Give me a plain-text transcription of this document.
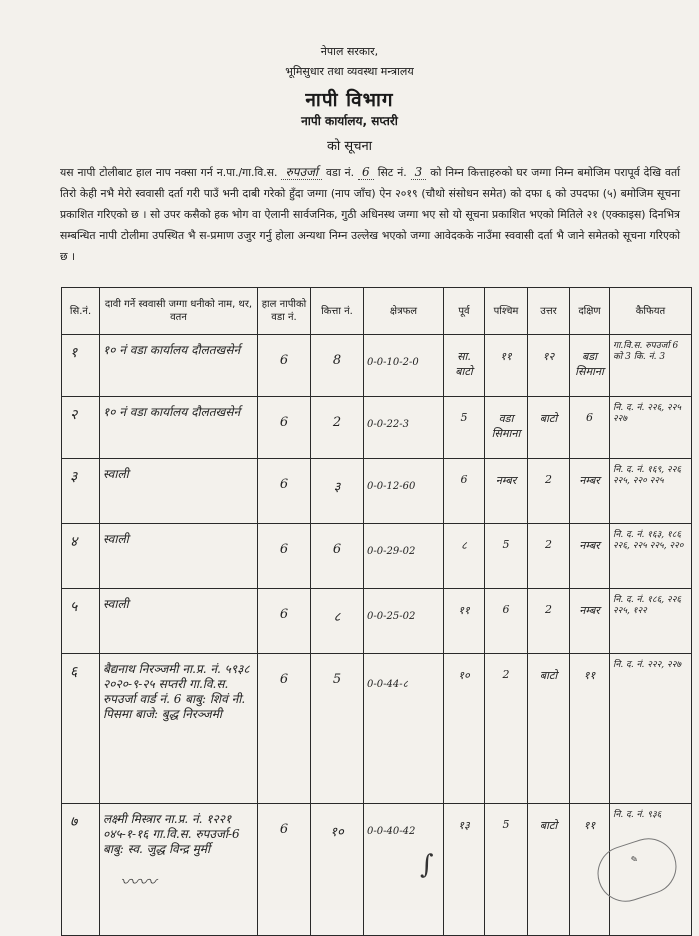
नेपाल सरकार,
भूमिसुधार तथा व्यवस्था मन्त्रालय
नापी विभाग
नापी कार्यालय, सप्तरी
को सूचना
यस नापी टोलीबाट हाल नाप नक्सा गर्न न.पा./गा.वि.स. रुपउर्जा वडा नं. 6 सिट नं. 3 को निम्न कित्ताहरुको घर जग्गा निम्न बमोजिम परापूर्व देखि वर्ता तिरो केही नभै मेरो स्ववासी दर्ता गरी पाउँ भनी दाबी गरेको हुँदा जग्गा (नाप जाँच) ऐन २०१९ (चौथो संसोधन समेत) को दफा ६ को उपदफा (५) बमोजिम सूचना प्रकाशित गरिएको छ । सो उपर कसैको हक भोग वा ऐलानी सार्वजनिक, गुठी अधिनस्थ जग्गा भए सो यो सूचना प्रकाशित भएको मितिले २१ (एक्काइस) दिनभित्र सम्बन्धित नापी टोलीमा उपस्थित भै स-प्रमाण उजुर गर्नु होला अन्यथा निम्न उल्लेख भएको जग्गा आवेदकके नाउँमा स्ववासी दर्ता भै जाने समेतको सूचना गरिएको छ ।
सि.नं.	दावी गर्ने स्ववासी जग्गा धनीको नाम, थर, वतन	हाल नापीको वडा नं.	कित्ता नं.	क्षेत्रफल	पूर्व	पश्चिम	उत्तर	दक्षिण	कैफियत
१	१० नं वडा कार्यालय दौलतखसेर्न	6	8	0-0-10-2-0	सा. बाटो	११	१२	बडा सिमाना	गा.वि.स. रुपउर्जा 6 को 3 कि. नं. 3
२	१० नं वडा कार्यालय दौलतखसेर्न	6	2	0-0-22-3	5	वडा सिमाना	बाटो	6	नि. द. नं. २२६, २२५ २२७
३	स्वाली	6	३	0-0-12-60	6	नम्बर	2	नम्बर	नि. द. नं. १६९, २२६ २२५, २२० २२५
४	स्वाली	6	6	0-0-29-02	८	5	2	नम्बर	नि. द. नं. १६३, १८६ २२६, २२५ २२५, २२०
५	स्वाली	6	८	0-0-25-02	११	6	2	नम्बर	नि. द. नं. १८६, २२६ २२५, १२२
६	बैद्यनाथ निरञ्जमी ना.प्र. नं. ५९३८ २०२०-९-२५ सप्तरी गा.वि.स. रुपउर्जा वार्ड नं. 6 बाबु: शिवं नी. पिसमा बाजे: बुद्ध निरञ्जमी	6	5	0-0-44-८	१०	2	बाटो	११	नि. द. नं. २२२, २२७
७	लक्ष्मी मिस्त्रार ना.प्र. नं. १२२१ ०४५-१-१६ गा.वि.स. रुपउर्जा-6 बाबु: स्व. जुद्ध विन्द्र मुर्मी	6	१०	0-0-40-42	१३	5	बाटो	११	नि. द. नं. ९३६
〰〰
∫	✎
